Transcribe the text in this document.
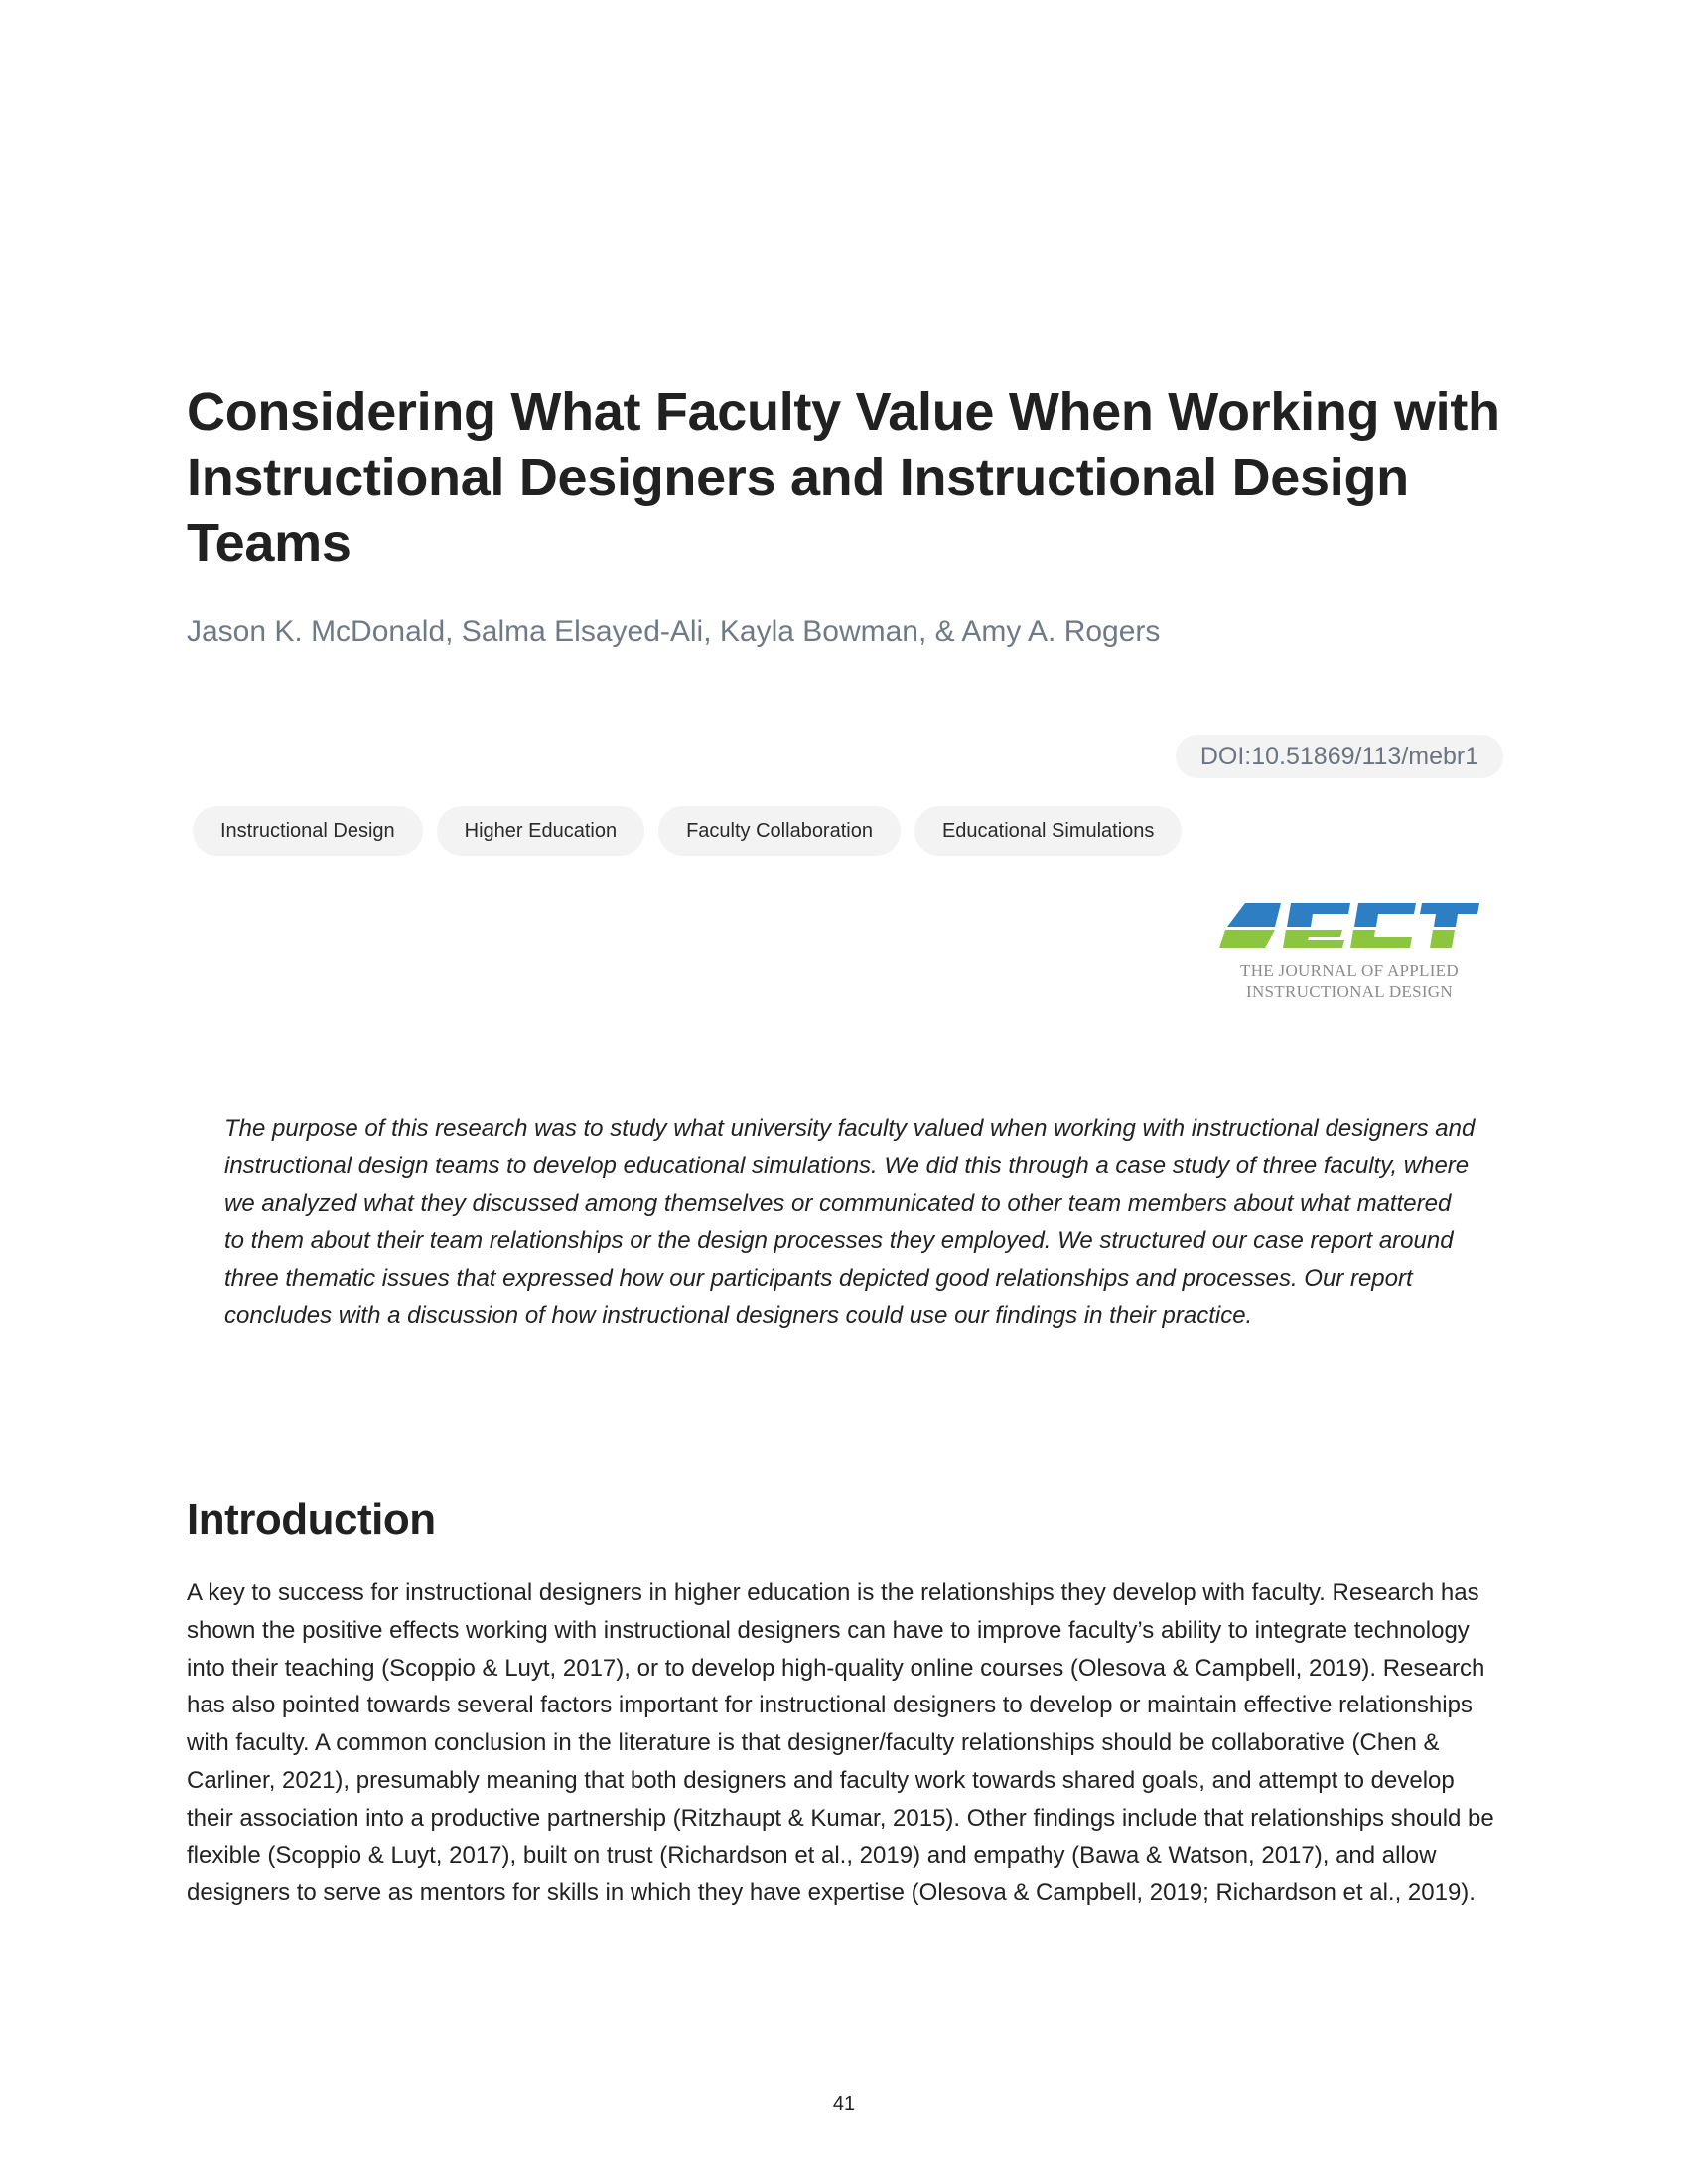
Considering What Faculty Value When Working with Instructional Designers and Instructional Design Teams
Jason K. McDonald, Salma Elsayed-Ali, Kayla Bowman, & Amy A. Rogers
DOI:10.51869/113/mebr1
Instructional Design	Higher Education	Faculty Collaboration	Educational Simulations
THE JOURNAL OF APPLIED
INSTRUCTIONAL DESIGN

The purpose of this research was to study what university faculty valued when working with instructional designers and instructional design teams to develop educational simulations. We did this through a case study of three faculty, where we analyzed what they discussed among themselves or communicated to other team members about what mattered to them about their team relationships or the design processes they employed. We structured our case report around three thematic issues that expressed how our participants depicted good relationships and processes. Our report concludes with a discussion of how instructional designers could use our findings in their practice.

Introduction

A key to success for instructional designers in higher education is the relationships they develop with faculty. Research has shown the positive effects working with instructional designers can have to improve faculty’s ability to integrate technology into their teaching (Scoppio & Luyt, 2017), or to develop high-quality online courses (Olesova & Campbell, 2019). Research has also pointed towards several factors important for instructional designers to develop or maintain effective relationships with faculty. A common conclusion in the literature is that designer/faculty relationships should be collaborative (Chen & Carliner, 2021), presumably meaning that both designers and faculty work towards shared goals, and attempt to develop their association into a productive partnership (Ritzhaupt & Kumar, 2015). Other findings include that relationships should be flexible (Scoppio & Luyt, 2017), built on trust (Richardson et al., 2019) and empathy (Bawa & Watson, 2017), and allow designers to serve as mentors for skills in which they have expertise (Olesova & Campbell, 2019; Richardson et al., 2019).

41
